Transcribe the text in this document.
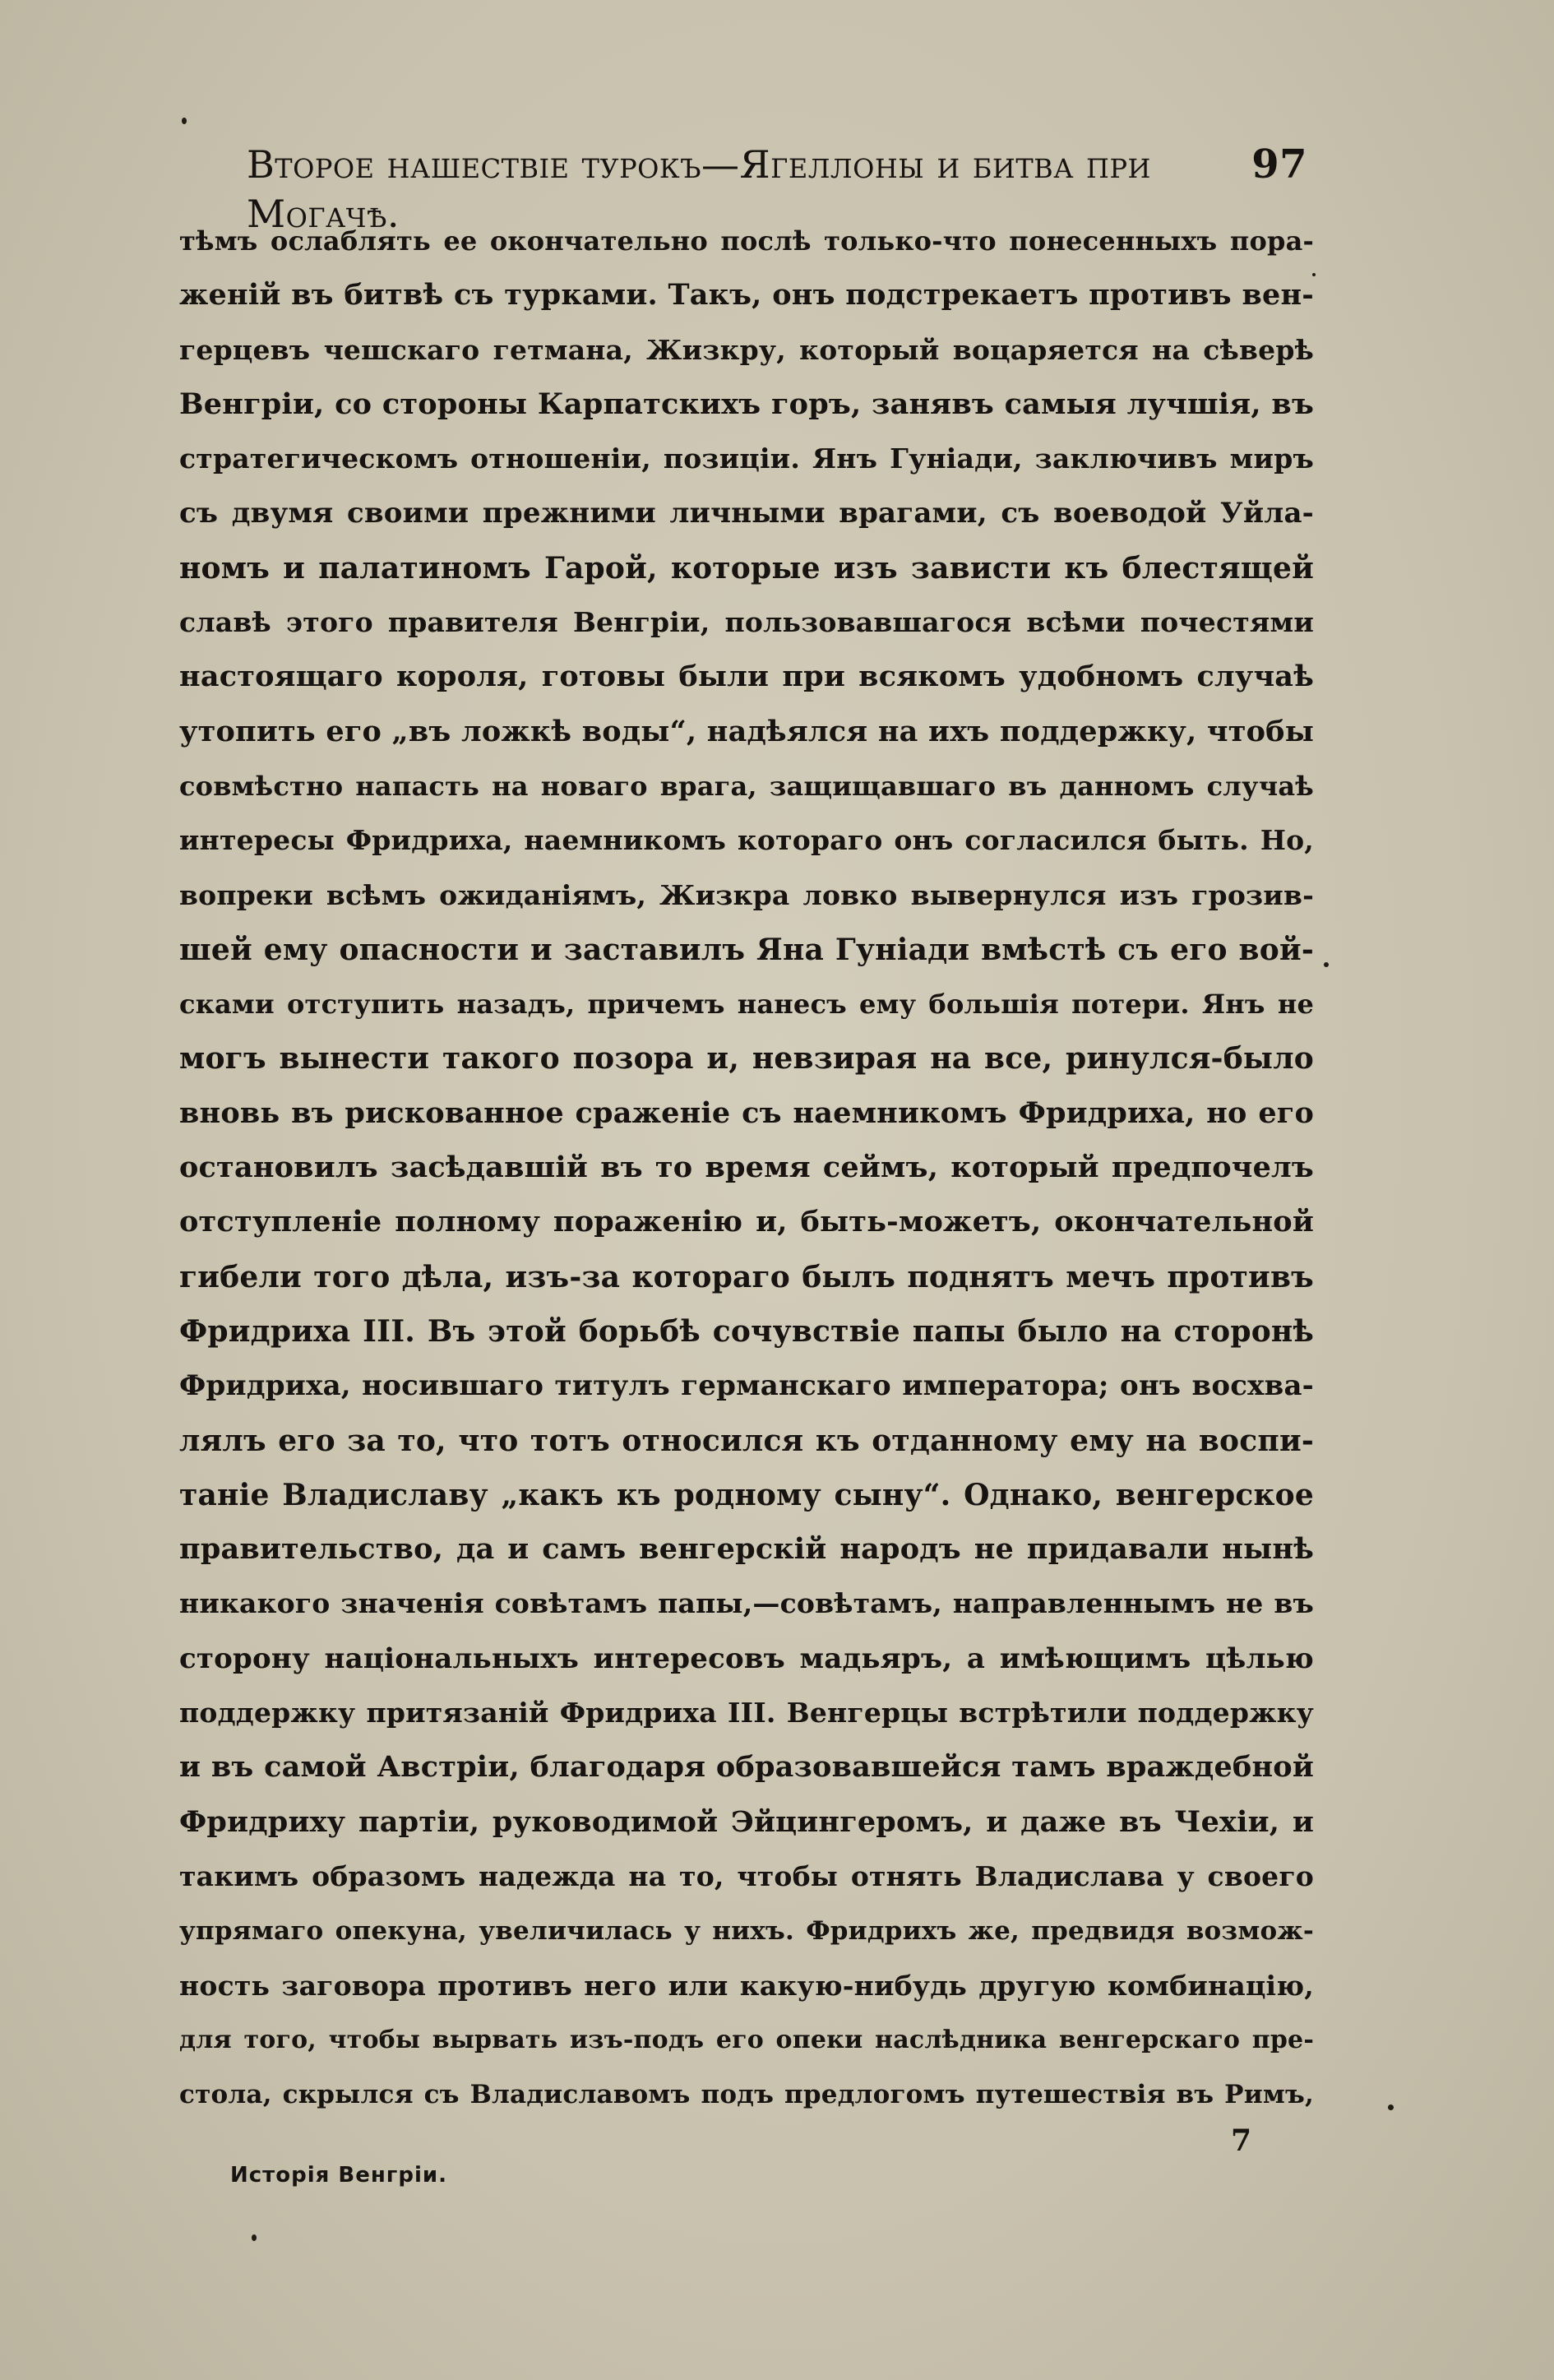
Второе нашествіе турокъ—Ягеллоны и битва при Могачѣ.
97
тѣмъ ослаблять ее окончательно послѣ только-что понесенныхъ пора-
женій въ битвѣ съ турками. Такъ, онъ подстрекаетъ противъ вен-
герцевъ чешскаго гетмана, Жизкру, который воцаряется на сѣверѣ
Венгріи, со стороны Карпатскихъ горъ, занявъ самыя лучшія, въ
стратегическомъ отношеніи, позиціи. Янъ Гуніади, заключивъ миръ
съ двумя своими прежними личными врагами, съ воеводой Уйла-
номъ и палатиномъ Гарой, которые изъ зависти къ блестящей
славѣ этого правителя Венгріи, пользовавшагося всѣми почестями
настоящаго короля, готовы были при всякомъ удобномъ случаѣ
утопить его „въ ложкѣ воды“, надѣялся на ихъ поддержку, чтобы
совмѣстно напасть на новаго врага, защищавшаго въ данномъ случаѣ
интересы Фридриха, наемникомъ котораго онъ согласился быть. Но,
вопреки всѣмъ ожиданіямъ, Жизкра ловко вывернулся изъ грозив-
шей ему опасности и заставилъ Яна Гуніади вмѣстѣ съ его вой-
сками отступить назадъ, причемъ нанесъ ему большія потери. Янъ не
могъ вынести такого позора и, невзирая на все, ринулся-было
вновь въ рискованное сраженіе съ наемникомъ Фридриха, но его
остановилъ засѣдавшій въ то время сеймъ, который предпочелъ
отступленіе полному пораженію и, быть-можетъ, окончательной
гибели того дѣла, изъ-за котораго былъ поднятъ мечъ противъ
Фридриха III. Въ этой борьбѣ сочувствіе папы было на сторонѣ
Фридриха, носившаго титулъ германскаго императора; онъ восхва-
лялъ его за то, что тотъ относился къ отданному ему на воспи-
таніе Владиславу „какъ къ родному сыну“. Однако, венгерское
правительство, да и самъ венгерскій народъ не придавали нынѣ
никакого значенія совѣтамъ папы,—совѣтамъ, направленнымъ не въ
сторону національныхъ интересовъ мадьяръ, а имѣющимъ цѣлью
поддержку притязаній Фридриха III. Венгерцы встрѣтили поддержку
и въ самой Австріи, благодаря образовавшейся тамъ враждебной
Фридриху партіи, руководимой Эйцингеромъ, и даже въ Чехіи, и
такимъ образомъ надежда на то, чтобы отнять Владислава у своего
упрямаго опекуна, увеличилась у нихъ. Фридрихъ же, предвидя возмож-
ность заговора противъ него или какую-нибудь другую комбинацію,
для того, чтобы вырвать изъ-подъ его опеки наслѣдника венгерскаго пре-
стола, скрылся съ Владиславомъ подъ предлогомъ путешествія въ Римъ,
7
Исторія Венгріи.
